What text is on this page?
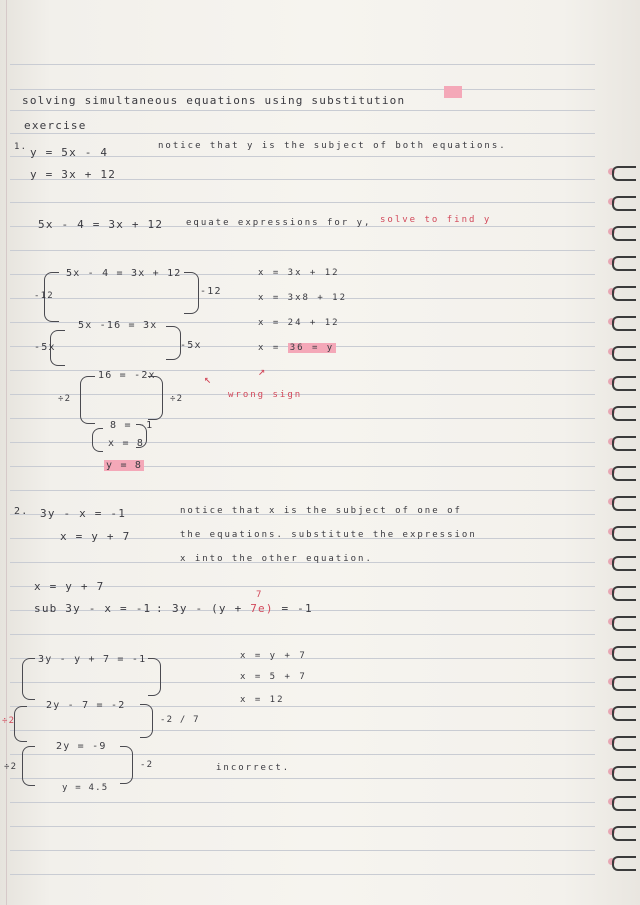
solving simultaneous equations using substitution
exercise
1. y = 5x - 4	notice that y is the subject of both equations.
y = 3x + 12
5x - 4 = 3x + 12	equate expressions for y, solve to find y
5x - 4 = 3x + 12
-12	-12
5x -16 = 3x
-5x	-5x
16 = -2x
÷2	÷2
8 = -1
x = 8
y = 8
x = 3x + 12
x = 3x8 + 12
x = 24 + 12
x = 36 = y
↗
↖
wrong sign
2. 3y - x = -1
x = y + 7
notice that x is the subject of one of
the equations. substitute the expression
x into the other equation.
x = y + 7
sub 3y - x = -1 : 3y - (y + 7e) = -1
7
3y - y + 7 = -1
2y - 7 = -2
-2 / 7
÷2
2y = -9
÷2	-2
y = 4.5
x = y + 7
x = 5 + 7
x = 12
incorrect.
